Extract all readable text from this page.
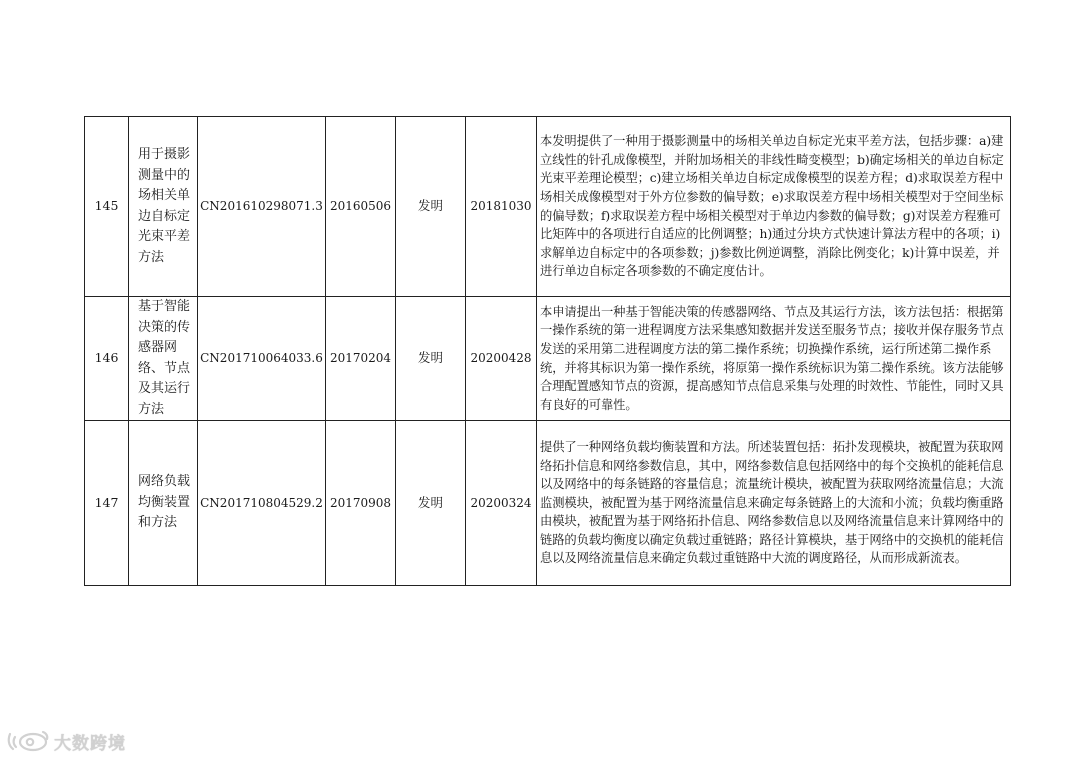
145	用于摄影测量中的场相关单边自标定光束平差方法	CN201610298071.3	20160506	发明	20181030	本发明提供了一种用于摄影测量中的场相关单边自标定光束平差方法，包括步骤：a)建立线性的针孔成像模型，并附加场相关的非线性畸变模型；b)确定场相关的单边自标定光束平差理论模型；c)建立场相关单边自标定成像模型的误差方程；d)求取误差方程中场相关成像模型对于外方位参数的偏导数；e)求取误差方程中场相关模型对于空间坐标的偏导数；f)求取误差方程中场相关模型对于单边内参数的偏导数；g)对误差方程雅可比矩阵中的各项进行自适应的比例调整；h)通过分块方式快速计算法方程中的各项；i)求解单边自标定中的各项参数；j)参数比例逆调整，消除比例变化；k)计算中误差，并进行单边自标定各项参数的不确定度估计。
146	基于智能决策的传感器网络、节点及其运行方法	CN201710064033.6	20170204	发明	20200428	本申请提出一种基于智能决策的传感器网络、节点及其运行方法，该方法包括：根据第一操作系统的第一进程调度方法采集感知数据并发送至服务节点；接收并保存服务节点发送的采用第二进程调度方法的第二操作系统；切换操作系统，运行所述第二操作系统，并将其标识为第一操作系统，将原第一操作系统标识为第二操作系统。该方法能够合理配置感知节点的资源，提高感知节点信息采集与处理的时效性、节能性，同时又具有良好的可靠性。
147	网络负载均衡装置和方法	CN201710804529.2	20170908	发明	20200324	提供了一种网络负载均衡装置和方法。所述装置包括：拓扑发现模块，被配置为获取网络拓扑信息和网络参数信息，其中，网络参数信息包括网络中的每个交换机的能耗信息以及网络中的每条链路的容量信息；流量统计模块，被配置为获取网络流量信息；大流监测模块，被配置为基于网络流量信息来确定每条链路上的大流和小流；负载均衡重路由模块，被配置为基于网络拓扑信息、网络参数信息以及网络流量信息来计算网络中的链路的负载均衡度以确定负载过重链路；路径计算模块，基于网络中的交换机的能耗信息以及网络流量信息来确定负载过重链路中大流的调度路径，从而形成新流表。
大数跨境
